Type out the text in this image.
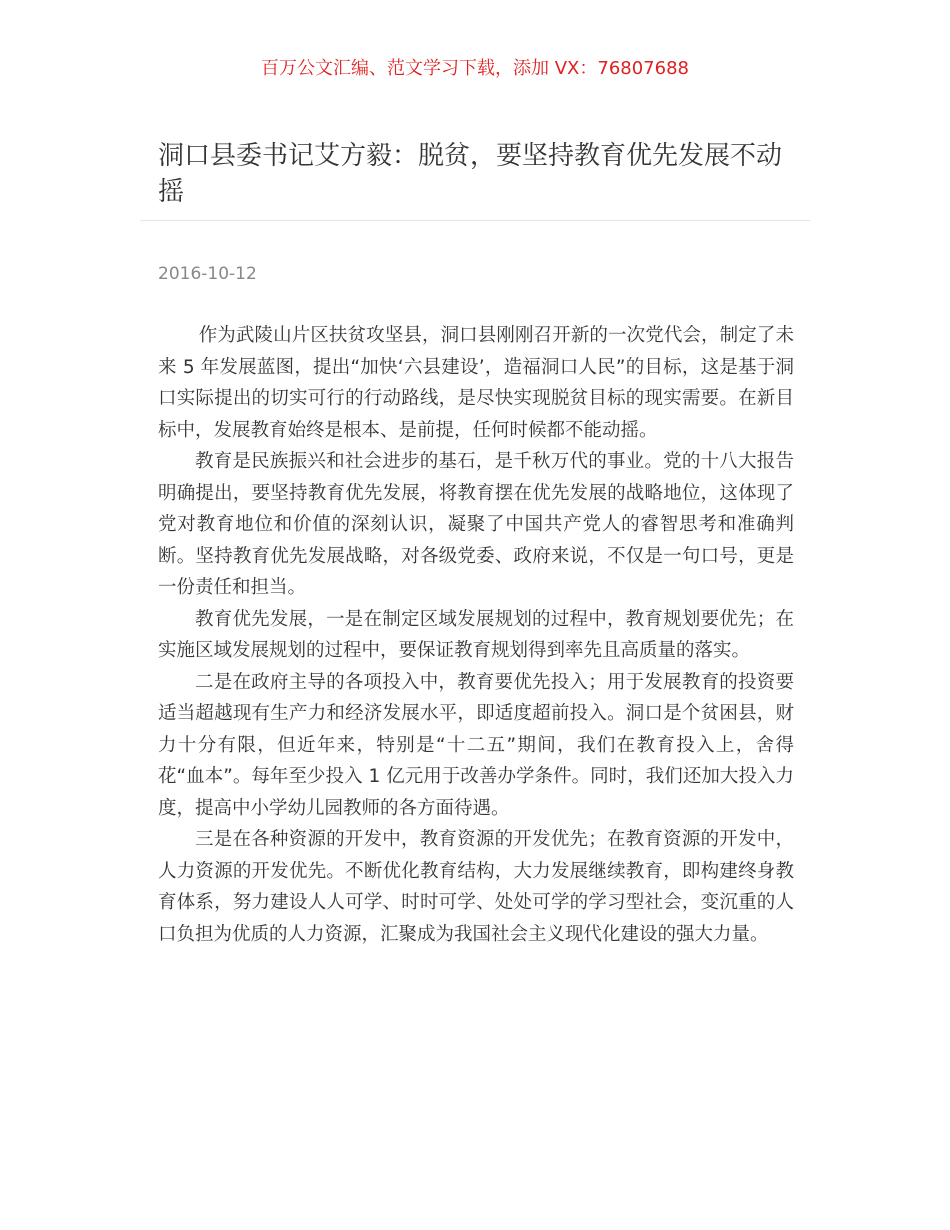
百万公文汇编、范文学习下载，添加 VX：76807688
洞口县委书记艾方毅：脱贫，要坚持教育优先发展不动摇
2016-10-12

作为武陵山片区扶贫攻坚县，洞口县刚刚召开新的一次党代会，制定了未来 5 年发展蓝图，提出“加快‘六县建设’，造福洞口人民”的目标，这是基于洞口实际提出的切实可行的行动路线，是尽快实现脱贫目标的现实需要。在新目标中，发展教育始终是根本、是前提，任何时候都不能动摇。

教育是民族振兴和社会进步的基石，是千秋万代的事业。党的十八大报告明确提出，要坚持教育优先发展，将教育摆在优先发展的战略地位，这体现了党对教育地位和价值的深刻认识，凝聚了中国共产党人的睿智思考和准确判断。坚持教育优先发展战略，对各级党委、政府来说，不仅是一句口号，更是一份责任和担当。

教育优先发展，一是在制定区域发展规划的过程中，教育规划要优先；在实施区域发展规划的过程中，要保证教育规划得到率先且高质量的落实。

二是在政府主导的各项投入中，教育要优先投入；用于发展教育的投资要适当超越现有生产力和经济发展水平，即适度超前投入。洞口是个贫困县，财力十分有限，但近年来，特别是“十二五”期间，我们在教育投入上，舍得花“血本”。每年至少投入 1 亿元用于改善办学条件。同时，我们还加大投入力度，提高中小学幼儿园教师的各方面待遇。

三是在各种资源的开发中，教育资源的开发优先；在教育资源的开发中，人力资源的开发优先。不断优化教育结构，大力发展继续教育，即构建终身教育体系，努力建设人人可学、时时可学、处处可学的学习型社会，变沉重的人口负担为优质的人力资源，汇聚成为我国社会主义现代化建设的强大力量。
